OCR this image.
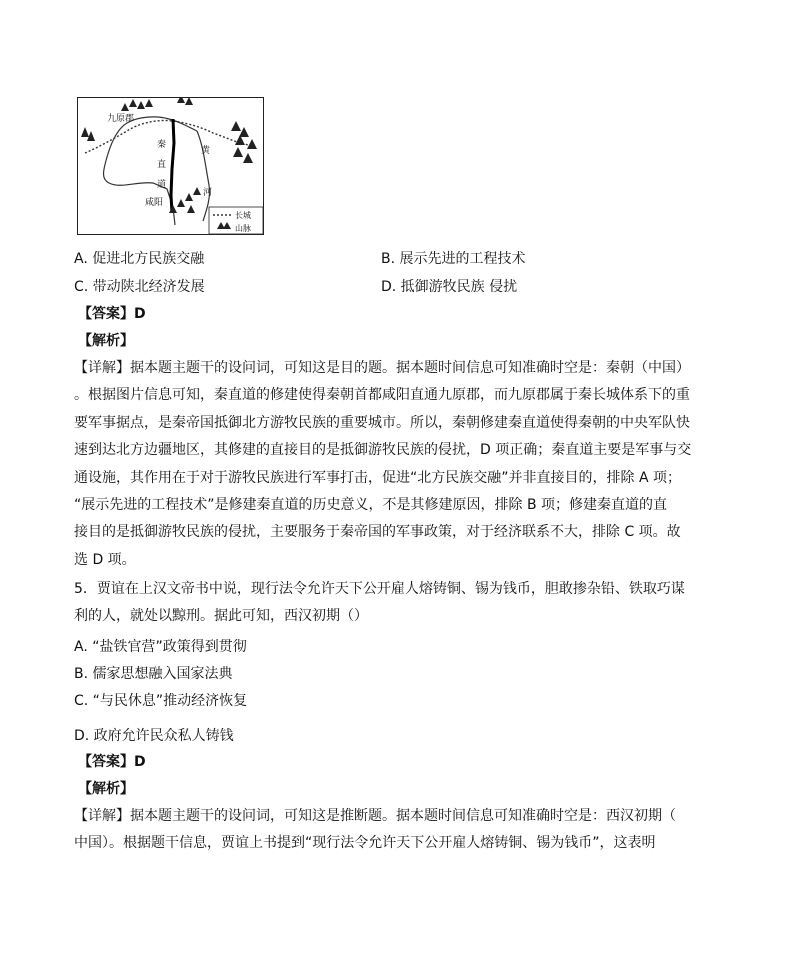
九原郡
秦
直
道
咸阳
黄
河
长城
山脉
A. 促进北方民族交融	B. 展示先进的工程技术
C. 带动陕北经济发展	D. 抵御游牧民族 侵扰
【答案】D
【解析】
【详解】据本题主题干的设问词，可知这是目的题。据本题时间信息可知准确时空是：秦朝（中国）
。根据图片信息可知，秦直道的修建使得秦朝首都咸阳直通九原郡，而九原郡属于秦长城体系下的重
要军事据点，是秦帝国抵御北方游牧民族的重要城市。所以，秦朝修建秦直道使得秦朝的中央军队快
速到达北方边疆地区，其修建的直接目的是抵御游牧民族的侵扰，D 项正确；秦直道主要是军事与交
通设施，其作用在于对于游牧民族进行军事打击，促进“北方民族交融”并非直接目的，排除 A 项；
“展示先进的工程技术”是修建秦直道的历史意义，不是其修建原因，排除 B 项；修建秦直道的直
接目的是抵御游牧民族的侵扰，主要服务于秦帝国的军事政策，对于经济联系不大，排除 C 项。故
选 D 项。
5．贾谊在上汉文帝书中说，现行法令允许天下公开雇人熔铸铜、锡为钱币，胆敢掺杂铅、铁取巧谋
利的人，就处以黥刑。据此可知，西汉初期（）
A. “盐铁官营”政策得到贯彻
B. 儒家思想融入国家法典
C. “与民休息”推动经济恢复
D. 政府允许民众私人铸钱
【答案】D
【解析】
【详解】据本题主题干的设问词，可知这是推断题。据本题时间信息可知准确时空是：西汉初期（
中国）。根据题干信息，贾谊上书提到“现行法令允许天下公开雇人熔铸铜、锡为钱币”，这表明
